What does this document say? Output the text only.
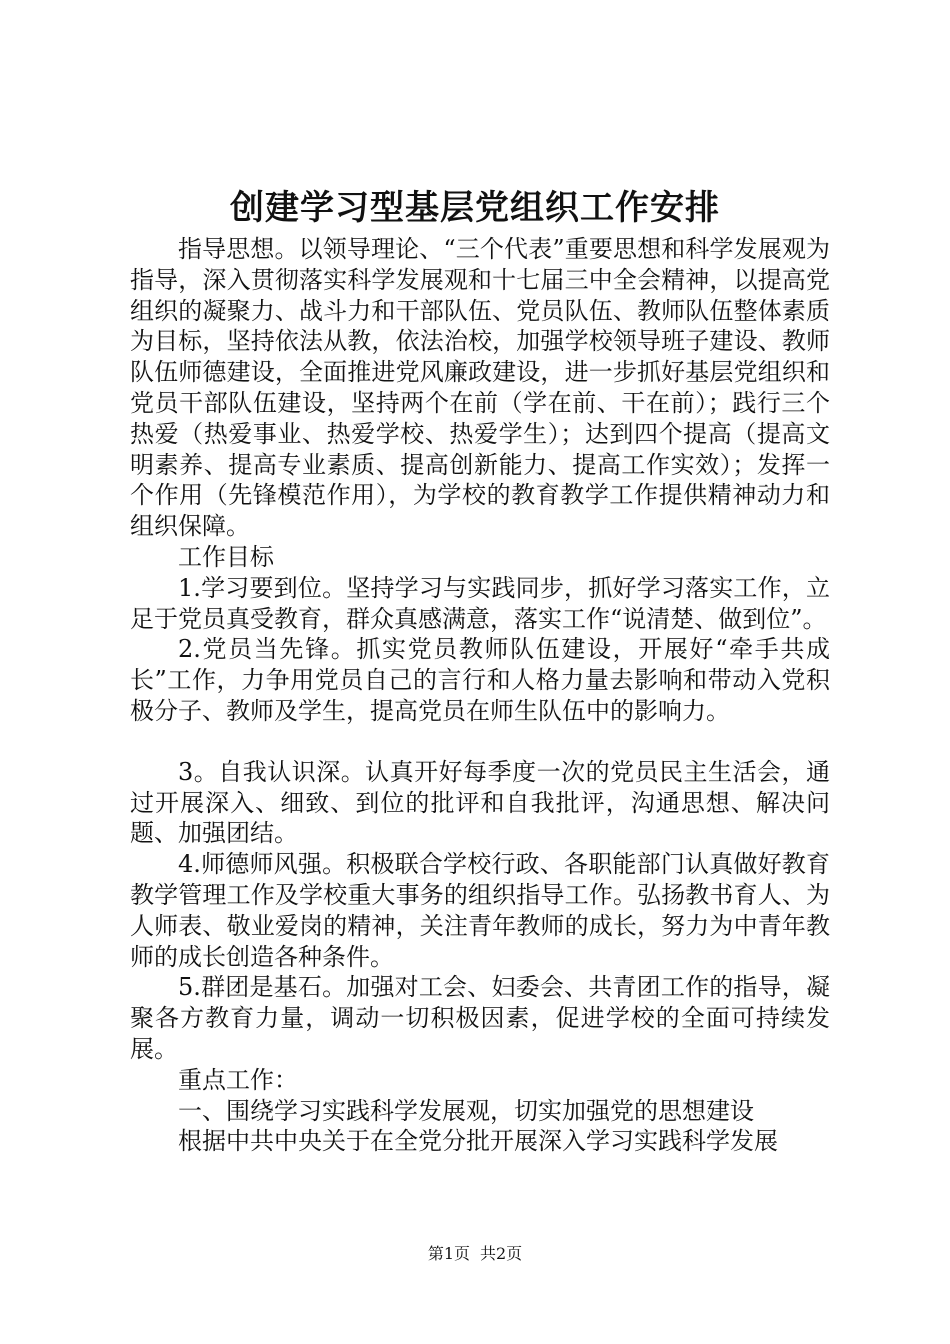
创建学习型基层党组织工作安排

指导思想。以领导理论、“三个代表”重要思想和科学发展观为指导，深入贯彻落实科学发展观和十七届三中全会精神，以提高党组织的凝聚力、战斗力和干部队伍、党员队伍、教师队伍整体素质为目标，坚持依法从教，依法治校，加强学校领导班子建设、教师队伍师德建设，全面推进党风廉政建设，进一步抓好基层党组织和党员干部队伍建设，坚持两个在前（学在前、干在前）；践行三个热爱（热爱事业、热爱学校、热爱学生）；达到四个提高（提高文明素养、提高专业素质、提高创新能力、提高工作实效）；发挥一个作用（先锋模范作用），为学校的教育教学工作提供精神动力和组织保障。

工作目标

1.学习要到位。坚持学习与实践同步，抓好学习落实工作，立足于党员真受教育，群众真感满意，落实工作“说清楚、做到位”。

2.党员当先锋。抓实党员教师队伍建设，开展好“牵手共成长”工作，力争用党员自己的言行和人格力量去影响和带动入党积极分子、教师及学生，提高党员在师生队伍中的影响力。

3。自我认识深。认真开好每季度一次的党员民主生活会，通过开展深入、细致、到位的批评和自我批评，沟通思想、解决问题、加强团结。

4.师德师风强。积极联合学校行政、各职能部门认真做好教育教学管理工作及学校重大事务的组织指导工作。弘扬教书育人、为人师表、敬业爱岗的精神，关注青年教师的成长，努力为中青年教师的成长创造各种条件。

5.群团是基石。加强对工会、妇委会、共青团工作的指导，凝聚各方教育力量，调动一切积极因素，促进学校的全面可持续发展。

重点工作：

一、围绕学习实践科学发展观，切实加强党的思想建设

根据中共中央关于在全党分批开展深入学习实践科学发展

第1页 共2页
